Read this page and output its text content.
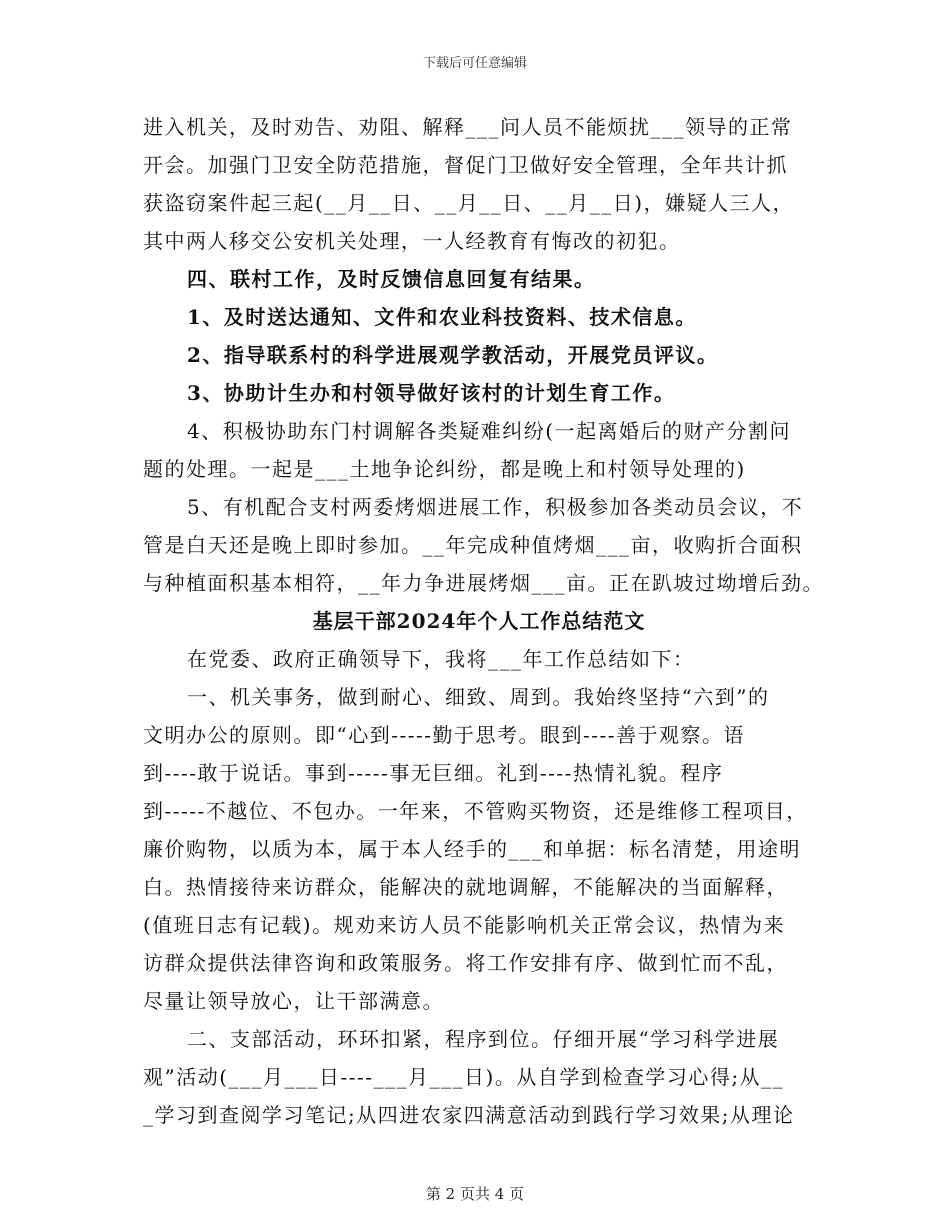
下载后可任意编辑
进入机关，及时劝告、劝阻、解释___问人员不能烦扰___领导的正常
开会。加强门卫安全防范措施，督促门卫做好安全管理，全年共计抓
获盗窃案件起三起(__月__日、__月__日、__月__日)，嫌疑人三人，
其中两人移交公安机关处理，一人经教育有悔改的初犯。
四、联村工作，及时反馈信息回复有结果。
1、及时送达通知、文件和农业科技资料、技术信息。
2、指导联系村的科学进展观学教活动，开展党员评议。
3、协助计生办和村领导做好该村的计划生育工作。
4、积极协助东门村调解各类疑难纠纷(一起离婚后的财产分割问
题的处理。一起是___土地争论纠纷，都是晚上和村领导处理的)
5、有机配合支村两委烤烟进展工作，积极参加各类动员会议，不
管是白天还是晚上即时参加。__年完成种值烤烟___亩，收购折合面积
与种植面积基本相符，__年力争进展烤烟___亩。正在趴坡过坳增后劲。
基层干部2024年个人工作总结范文
在党委、政府正确领导下，我将___年工作总结如下：
一、机关事务，做到耐心、细致、周到。我始终坚持“六到”的
文明办公的原则。即“心到-----勤于思考。眼到----善于观察。语
到----敢于说话。事到-----事无巨细。礼到----热情礼貌。程序
到-----不越位、不包办。一年来，不管购买物资，还是维修工程项目，
廉价购物，以质为本，属于本人经手的___和单据：标名清楚，用途明
白。热情接待来访群众，能解决的就地调解，不能解决的当面解释，
(值班日志有记载)。规劝来访人员不能影响机关正常会议，热情为来
访群众提供法律咨询和政策服务。将工作安排有序、做到忙而不乱，
尽量让领导放心，让干部满意。
二、支部活动，环环扣紧，程序到位。仔细开展“学习科学进展
观”活动(___月___日----___月___日)。从自学到检查学习心得;从__
_学习到查阅学习笔记;从四进农家四满意活动到践行学习效果;从理论
第 2 页共 4 页
